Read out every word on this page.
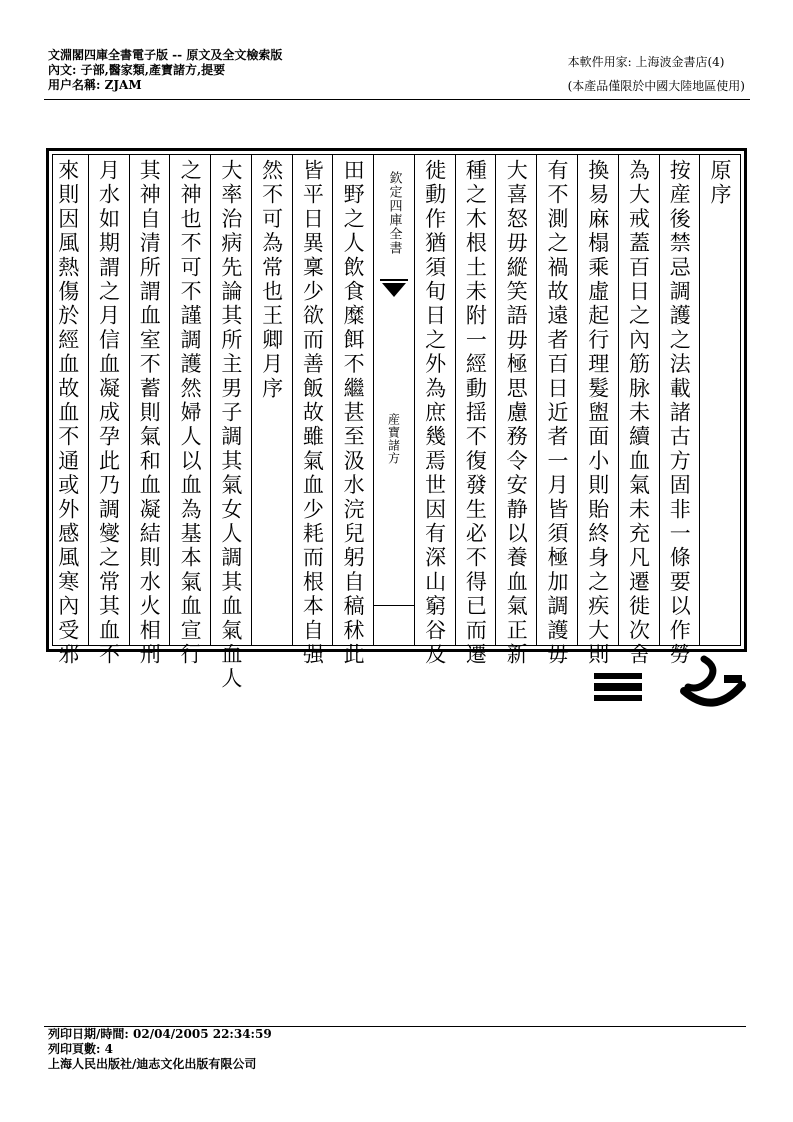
文淵閣四庫全書電子版 -- 原文及全文檢索版
內文: 子部,醫家類,產寶諸方,提要
用户名稱: ZJAM
本軟件用家: 上海波金書店(4)
(本產品僅限於中國大陸地區使用)
原序
按産後禁忌調護之法載諸古方固非一條要以作勞
為大戒蓋百日之內筋脉未續血氣未充凡遷徙次舍
換易麻榻乘虛起行理髮盥面小則貽終身之疾大則
有不測之禍故遠者百日近者一月皆須極加調護毋
大喜怒毋縱笑語毋極思慮務令安静以養血氣正新
種之木根土未附一經動揺不復發生必不得已而遷
徙動作猶須旬日之外為庶幾焉世因有深山窮谷及
欽定四庫全書
産寶諸方
田野之人飲食糜餌不繼甚至汲水浣兒躬自稿秫此
皆平日異稟少欲而善飯故雖氣血少耗而根本自强
然不可為常也王卿月序
大率治病先論其所主男子調其氣女人調其血氣血人
之神也不可不謹調護然婦人以血為基本氣血宣行
其神自清所謂血室不蓄則氣和血凝結則水火相刑
月水如期謂之月信血凝成孕此乃調燮之常其血不
來則因風熱傷於經血故血不通或外感風寒內受邪
列印日期/時間: 02/04/2005 22:34:59
列印頁數: 4
上海人民出版社/迪志文化出版有限公司
